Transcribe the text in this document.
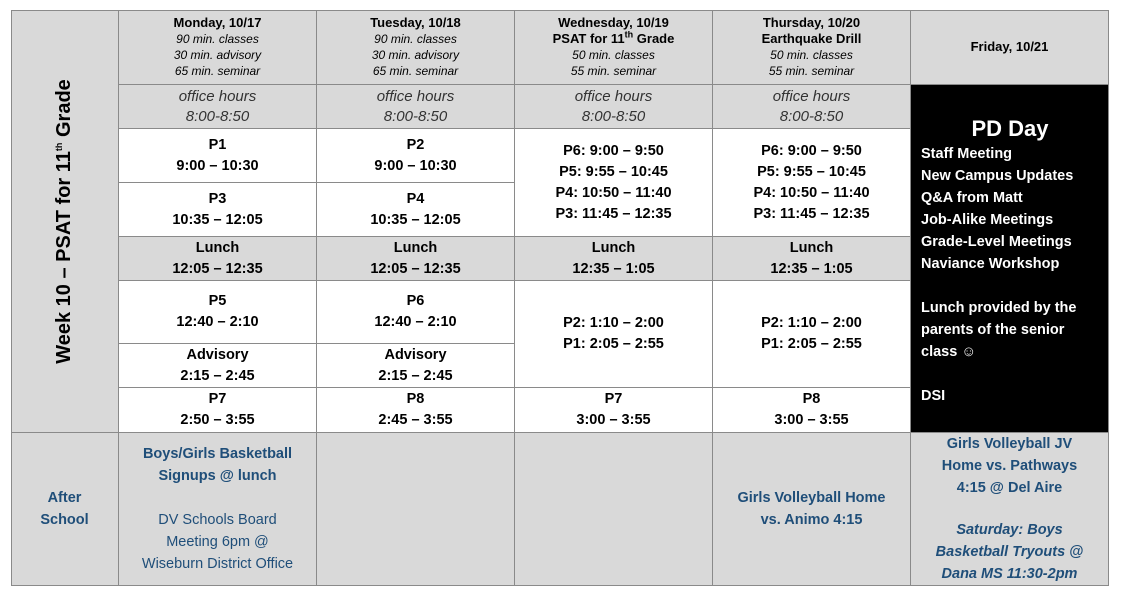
Week 10 – PSAT for 11th Grade
Monday, 10/17
90 min. classes
30 min. advisory
65 min. seminar
Tuesday, 10/18
90 min. classes
30 min. advisory
65 min. seminar
Wednesday, 10/19
PSAT for 11th Grade
50 min. classes
55 min. seminar
Thursday, 10/20
Earthquake Drill
50 min. classes
55 min. seminar
Friday, 10/21
office hours
8:00-8:50
office hours
8:00-8:50
office hours
8:00-8:50
office hours
8:00-8:50
P1
9:00 – 10:30
P3
10:35 – 12:05
Lunch
12:05 – 12:35
P5
12:40 – 2:10
Advisory
2:15 – 2:45
P7
2:50 – 3:55
P2
9:00 – 10:30
P4
10:35 – 12:05
Lunch
12:05 – 12:35
P6
12:40 – 2:10
Advisory
2:15 – 2:45
P8
2:45 – 3:55
P6: 9:00 – 9:50
P5: 9:55 – 10:45
P4: 10:50 – 11:40
P3: 11:45 – 12:35
Lunch
12:35 – 1:05
P2: 1:10 – 2:00
P1: 2:05 – 2:55
P7
3:00 – 3:55
P6: 9:00 – 9:50
P5: 9:55 – 10:45
P4: 10:50 – 11:40
P3: 11:45 – 12:35
Lunch
12:35 – 1:05
P2: 1:10 – 2:00
P1: 2:05 – 2:55
P8
3:00 – 3:55
PD Day
Staff Meeting
New Campus Updates
Q&A from Matt
Job-Alike Meetings
Grade-Level Meetings
Naviance Workshop
Lunch provided by the
parents of the senior
class ☺
DSI
After
School
Boys/Girls Basketball
Signups @ lunch
DV Schools Board
Meeting 6pm @
Wiseburn District Office
Girls Volleyball Home
vs. Animo 4:15
Girls Volleyball JV
Home vs. Pathways
4:15 @ Del Aire
Saturday: Boys
Basketball Tryouts @
Dana MS 11:30-2pm
